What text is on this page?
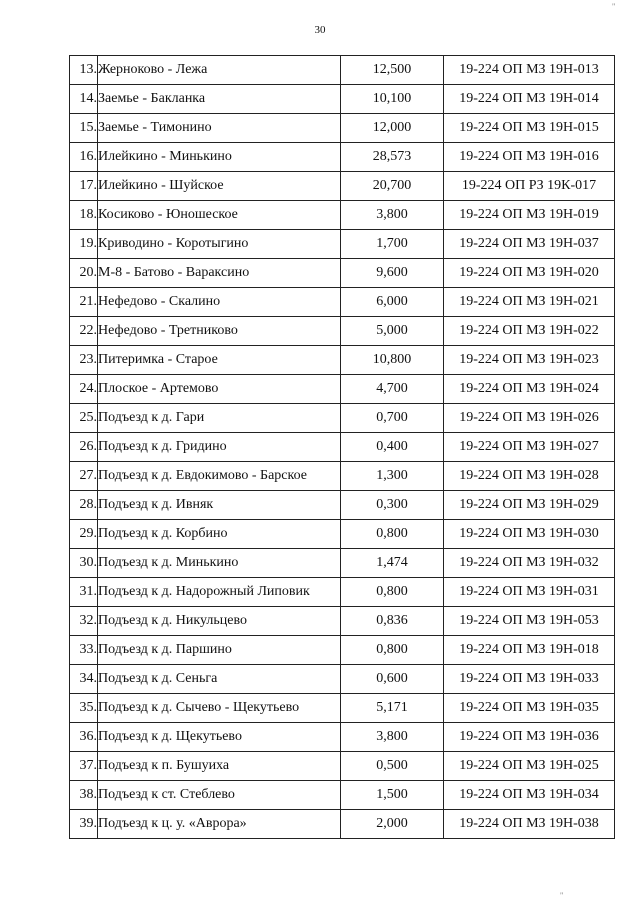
"
30
13.	Жерноково - Лежа	12,500	19-224 ОП МЗ 19Н-013
14.	Заемье - Бакланка	10,100	19-224 ОП МЗ 19Н-014
15.	Заемье - Тимонино	12,000	19-224 ОП МЗ 19Н-015
16.	Илейкино - Минькино	28,573	19-224 ОП МЗ 19Н-016
17.	Илейкино - Шуйское	20,700	19-224 ОП РЗ 19К-017
18.	Косиково - Юношеское	3,800	19-224 ОП МЗ 19Н-019
19.	Криводино - Коротыгино	1,700	19-224 ОП МЗ 19Н-037
20.	М-8 - Батово - Вараксино	9,600	19-224 ОП МЗ 19Н-020
21.	Нефедово - Скалино	6,000	19-224 ОП МЗ 19Н-021
22.	Нефедово - Третниково	5,000	19-224 ОП МЗ 19Н-022
23.	Питеримка - Старое	10,800	19-224 ОП МЗ 19Н-023
24.	Плоское - Артемово	4,700	19-224 ОП МЗ 19Н-024
25.	Подъезд к д. Гари	0,700	19-224 ОП МЗ 19Н-026
26.	Подъезд к д. Гридино	0,400	19-224 ОП МЗ 19Н-027
27.	Подъезд к д. Евдокимово - Барское	1,300	19-224 ОП МЗ 19Н-028
28.	Подъезд к д. Ивняк	0,300	19-224 ОП МЗ 19Н-029
29.	Подъезд к д. Корбино	0,800	19-224 ОП МЗ 19Н-030
30.	Подъезд к д. Минькино	1,474	19-224 ОП МЗ 19Н-032
31.	Подъезд к д. Надорожный Липовик	0,800	19-224 ОП МЗ 19Н-031
32.	Подъезд к д. Никульцево	0,836	19-224 ОП МЗ 19Н-053
33.	Подъезд к д. Паршино	0,800	19-224 ОП МЗ 19Н-018
34.	Подъезд к д. Сеньга	0,600	19-224 ОП МЗ 19Н-033
35.	Подъезд к д. Сычево - Щекутьево	5,171	19-224 ОП МЗ 19Н-035
36.	Подъезд к д. Щекутьево	3,800	19-224 ОП МЗ 19Н-036
37.	Подъезд к п. Бушуиха	0,500	19-224 ОП МЗ 19Н-025
38.	Подъезд к ст. Стеблево	1,500	19-224 ОП МЗ 19Н-034
39.	Подъезд к ц. у. «Аврора»	2,000	19-224 ОП МЗ 19Н-038
"
